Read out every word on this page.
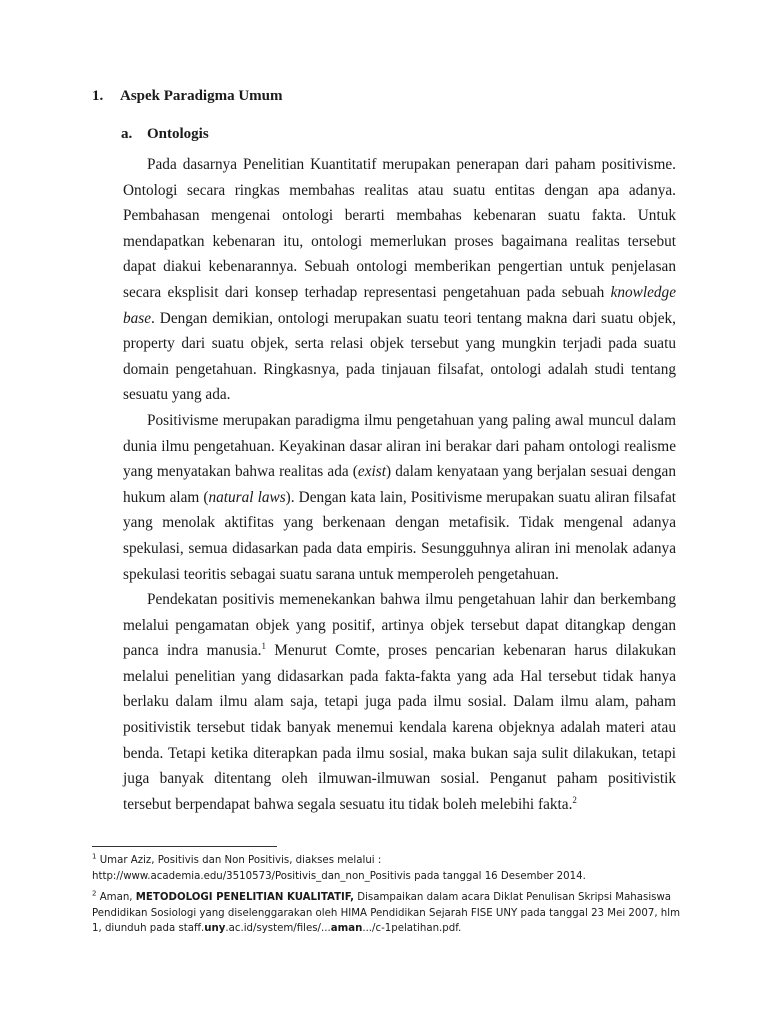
1. Aspek Paradigma Umum
a. Ontologis

Pada dasarnya Penelitian Kuantitatif merupakan penerapan dari paham positivisme. Ontologi secara ringkas membahas realitas atau suatu entitas dengan apa adanya. Pembahasan mengenai ontologi berarti membahas kebenaran suatu fakta. Untuk mendapatkan kebenaran itu, ontologi memerlukan proses bagaimana realitas tersebut dapat diakui kebenarannya. Sebuah ontologi memberikan pengertian untuk penjelasan secara eksplisit dari konsep terhadap representasi pengetahuan pada sebuah knowledge base. Dengan demikian, ontologi merupakan suatu teori tentang makna dari suatu objek, property dari suatu objek, serta relasi objek tersebut yang mungkin terjadi pada suatu domain pengetahuan. Ringkasnya, pada tinjauan filsafat, ontologi adalah studi tentang sesuatu yang ada.

Positivisme merupakan paradigma ilmu pengetahuan yang paling awal muncul dalam dunia ilmu pengetahuan. Keyakinan dasar aliran ini berakar dari paham ontologi realisme yang menyatakan bahwa realitas ada (exist) dalam kenyataan yang berjalan sesuai dengan hukum alam (natural laws). Dengan kata lain, Positivisme merupakan suatu aliran filsafat yang menolak aktifitas yang berkenaan dengan metafisik. Tidak mengenal adanya spekulasi, semua didasarkan pada data empiris. Sesungguhnya aliran ini menolak adanya spekulasi teoritis sebagai suatu sarana untuk memperoleh pengetahuan.

Pendekatan positivis memenekankan bahwa ilmu pengetahuan lahir dan berkembang melalui pengamatan objek yang positif, artinya objek tersebut dapat ditangkap dengan panca indra manusia.$^1$ Menurut Comte, proses pencarian kebenaran harus dilakukan melalui penelitian yang didasarkan pada fakta-fakta yang ada Hal tersebut tidak hanya berlaku dalam ilmu alam saja, tetapi juga pada ilmu sosial. Dalam ilmu alam, paham positivistik tersebut tidak banyak menemui kendala karena objeknya adalah materi atau benda. Tetapi ketika diterapkan pada ilmu sosial, maka bukan saja sulit dilakukan, tetapi juga banyak ditentang oleh ilmuwan-ilmuwan sosial. Penganut paham positivistik tersebut berpendapat bahwa segala sesuatu itu tidak boleh melebihi fakta.$^2$

$^1$ Umar Aziz, Positivis dan Non Positivis, diakses melalui : http://www.academia.edu/3510573/Positivis_dan_non_Positivis pada tanggal 16 Desember 2014.
$^2$ Aman, METODOLOGI PENELITIAN KUALITATIF, Disampaikan dalam acara Diklat Penulisan Skripsi Mahasiswa Pendidikan Sosiologi yang diselenggarakan oleh HIMA Pendidikan Sejarah FISE UNY pada tanggal 23 Mei 2007, hlm 1, diunduh pada staff.uny.ac.id/system/files/...aman.../c-1pelatihan.pdf.
